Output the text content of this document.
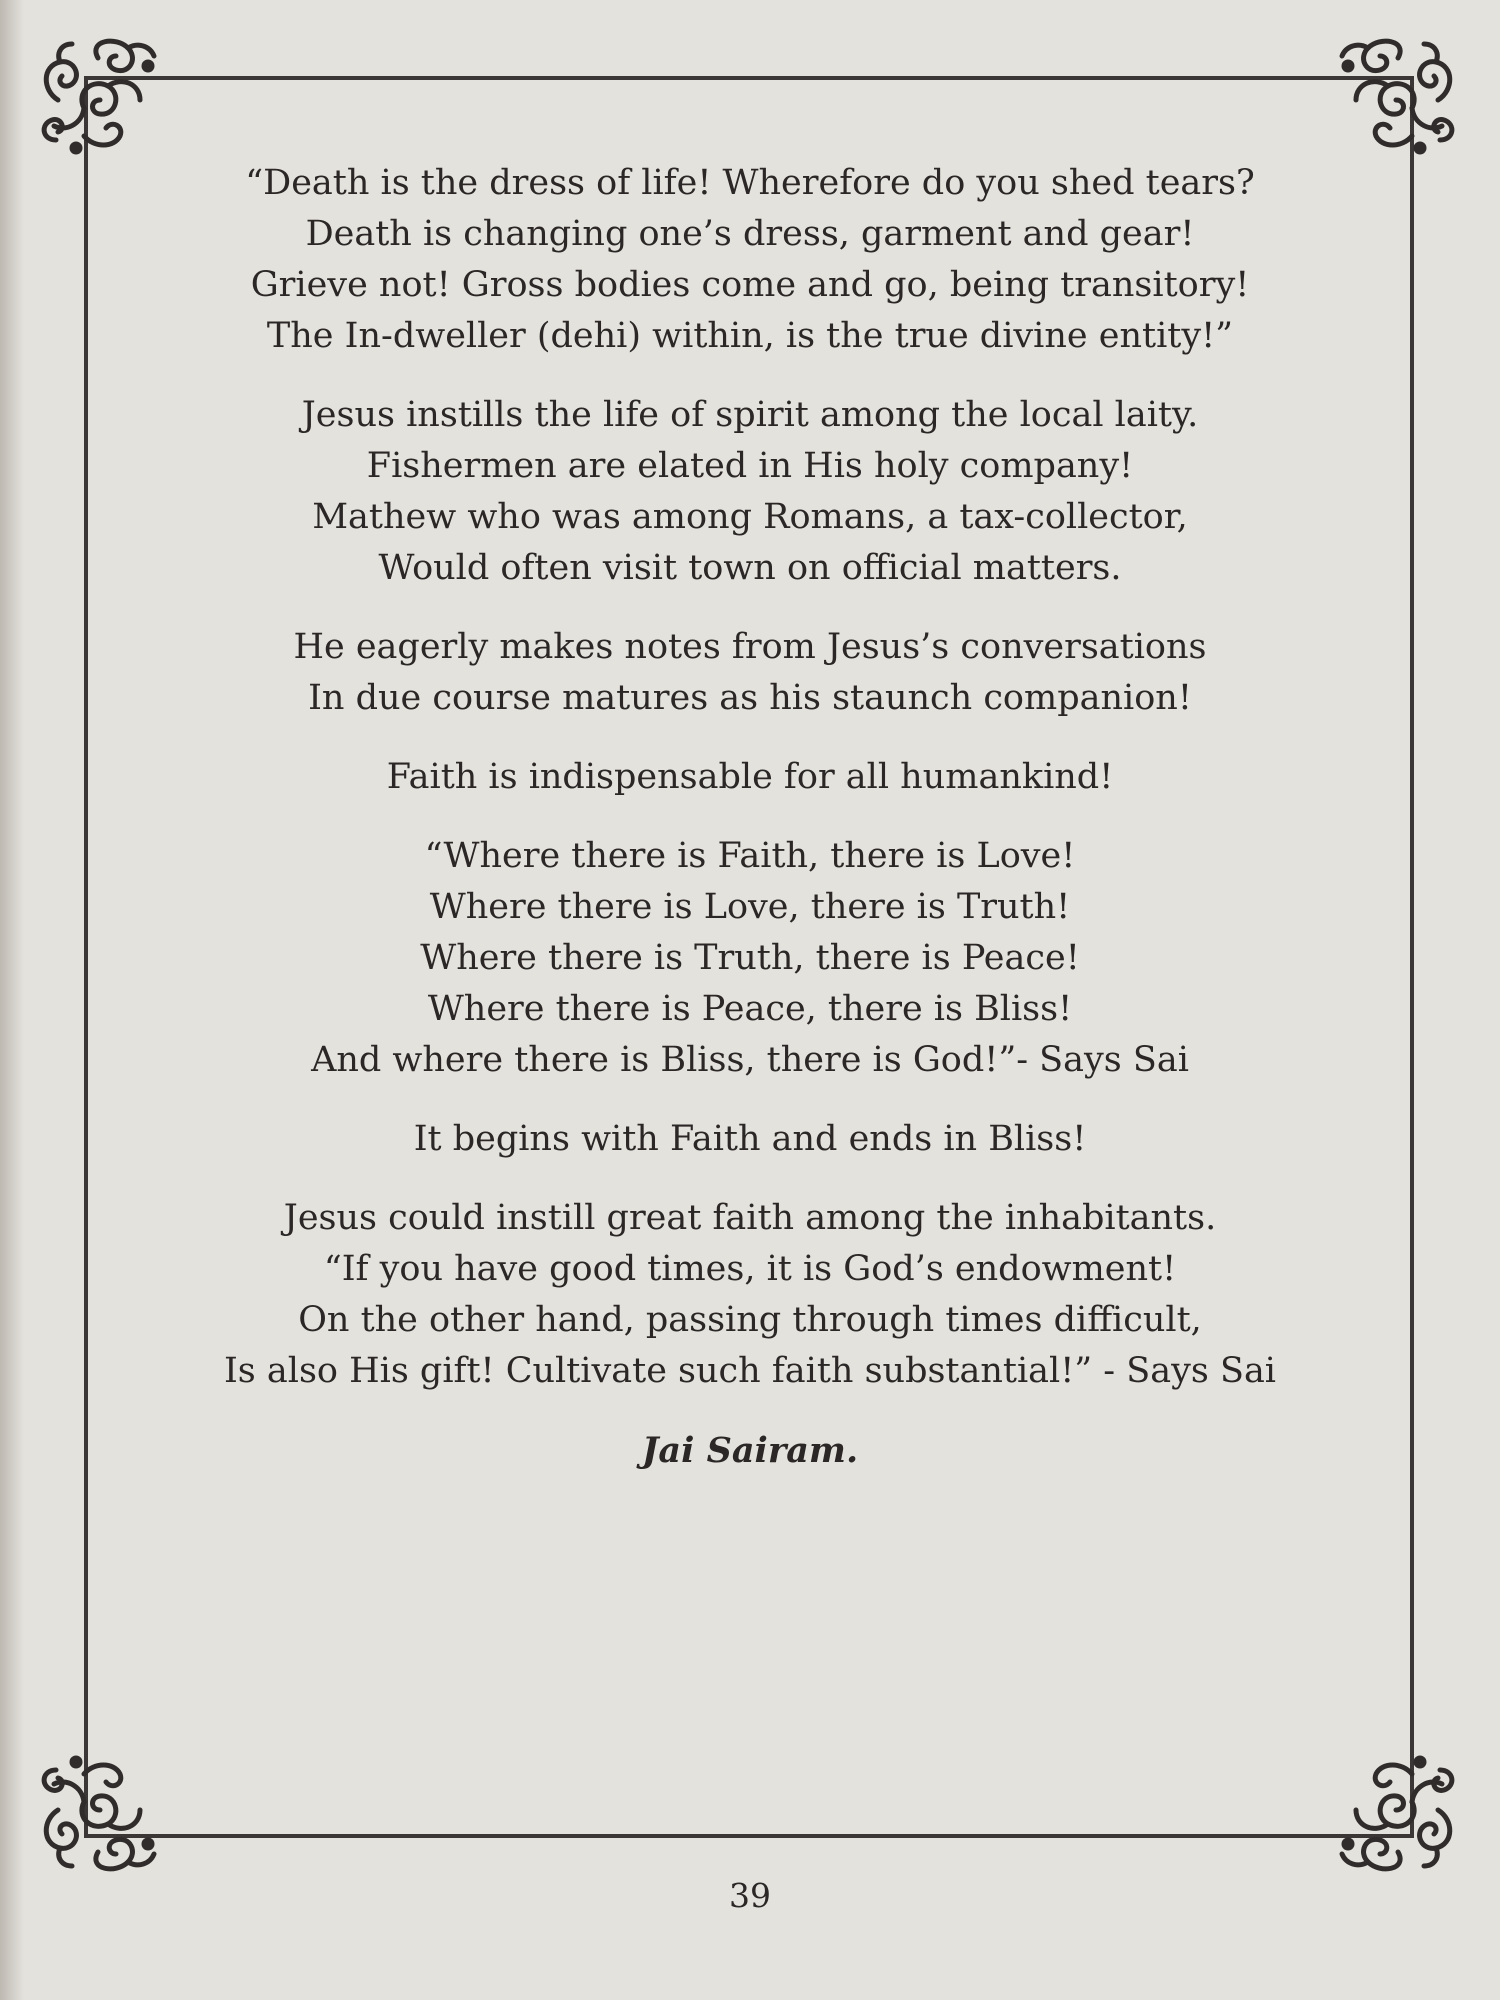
“Death is the dress of life! Wherefore do you shed tears?
Death is changing one’s dress, garment and gear!
Grieve not! Gross bodies come and go, being transitory!
The In-dweller (dehi) within, is the true divine entity!”
Jesus instills the life of spirit among the local laity.
Fishermen are elated in His holy company!
Mathew who was among Romans, a tax-collector,
Would often visit town on official matters.
He eagerly makes notes from Jesus’s conversations
In due course matures as his staunch companion!
Faith is indispensable for all humankind!
“Where there is Faith, there is Love!
Where there is Love, there is Truth!
Where there is Truth, there is Peace!
Where there is Peace, there is Bliss!
And where there is Bliss, there is God!”- Says Sai
It begins with Faith and ends in Bliss!
Jesus could instill great faith among the inhabitants.
“If you have good times, it is God’s endowment!
On the other hand, passing through times difficult,
Is also His gift! Cultivate such faith substantial!” - Says Sai
Jai Sairam.
39
